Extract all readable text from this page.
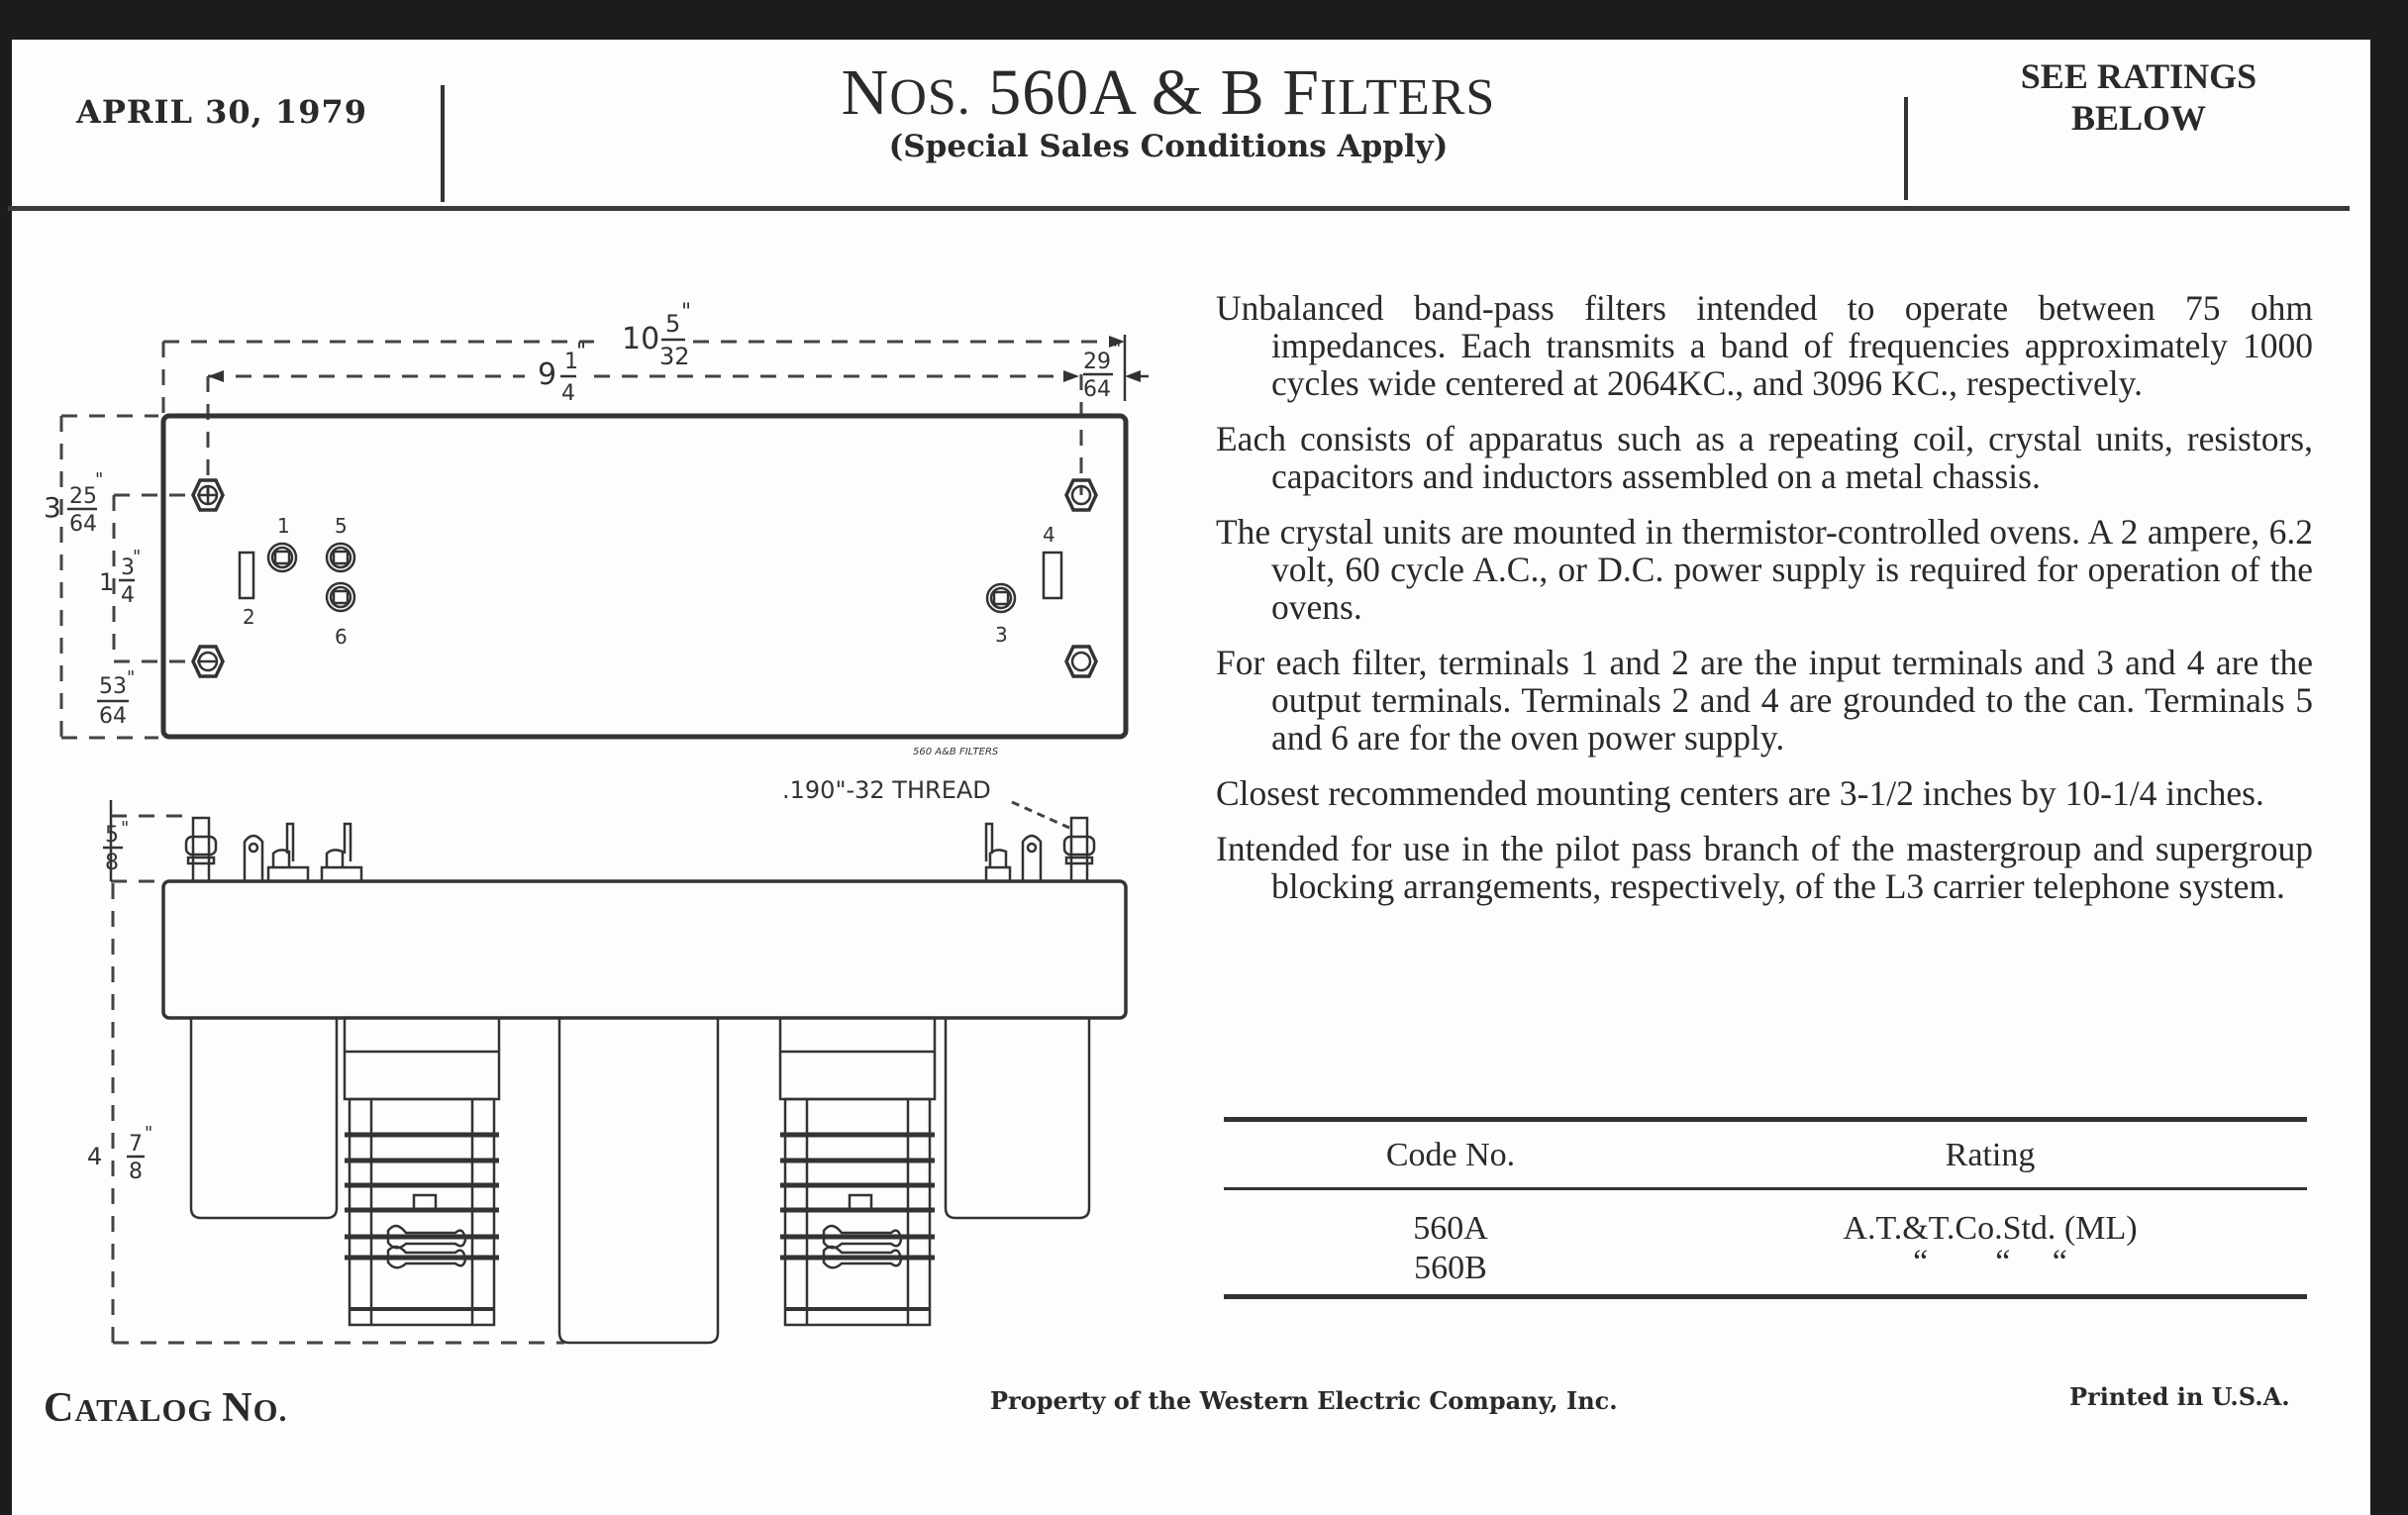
APRIL 30, 1979	NOS. 560A & B FILTERS
(Special Sales Conditions Apply)
SEE RATINGS
BELOW
10 5
32
"
9 1
4
"	29
64
"
3 25
64
"
1
3
4
"
53
64
"
1
2
5
6	3
4
560 A&B FILTERS
.190"-32 THREAD
5
8
"
4 7
8
"

Unbalanced band-pass filters intended to operate between 75 ohm impedances. Each transmits a band of frequencies approximately 1000 cycles wide centered at 2064KC., and 3096 KC., respectively.

Each consists of apparatus such as a repeating coil, crystal units, resistors, capacitors and inductors assembled on a metal chassis.

The crystal units are mounted in thermistor-controlled ovens. A 2 ampere, 6.2 volt, 60 cycle A.C., or D.C. power supply is required for operation of the ovens.

For each filter, terminals 1 and 2 are the input terminals and 3 and 4 are the output terminals. Terminals 2 and 4 are grounded to the can. Terminals 5 and 6 are for the oven power supply.

Closest recommended mounting centers are 3-1/2 inches by 10-1/4 inches.

Intended for use in the pilot pass branch of the mastergroup and supergroup blocking arrangements, respectively, of the L3 carrier telephone system.

Code No.	Rating
560A	A.T.&T.Co.Std. (ML)
560B	“        “     “
CATALOG NO.	Property of the Western Electric Company, Inc.	Printed in U.S.A.
